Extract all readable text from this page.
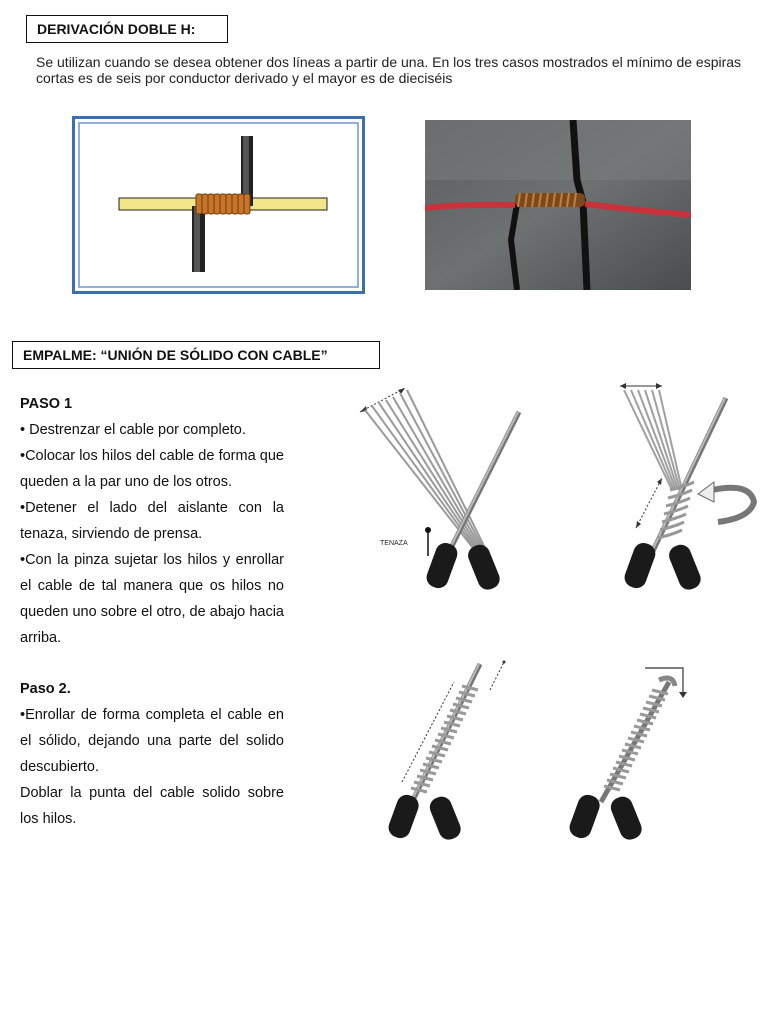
DERIVACIÓN DOBLE H:
Se utilizan cuando se desea obtener dos líneas a partir de una. En los tres casos mostrados el mínimo de espiras cortas es de seis por conductor derivado y el mayor es de dieciséis
EMPALME: “UNIÓN DE SÓLIDO CON CABLE”

PASO 1

• Destrenzar el cable por completo.

•Colocar los hilos del cable de forma que queden a la par uno de los otros.

•Detener el lado del aislante con la tenaza, sirviendo de prensa.

•Con la pinza sujetar los hilos y enrollar el cable de tal manera que os hilos no queden uno sobre el otro, de abajo hacia arriba.

TENAZA

Paso 2.

•Enrollar de forma completa el cable en el sólido, dejando una parte del solido descubierto.

Doblar la punta del cable solido sobre los hilos.
